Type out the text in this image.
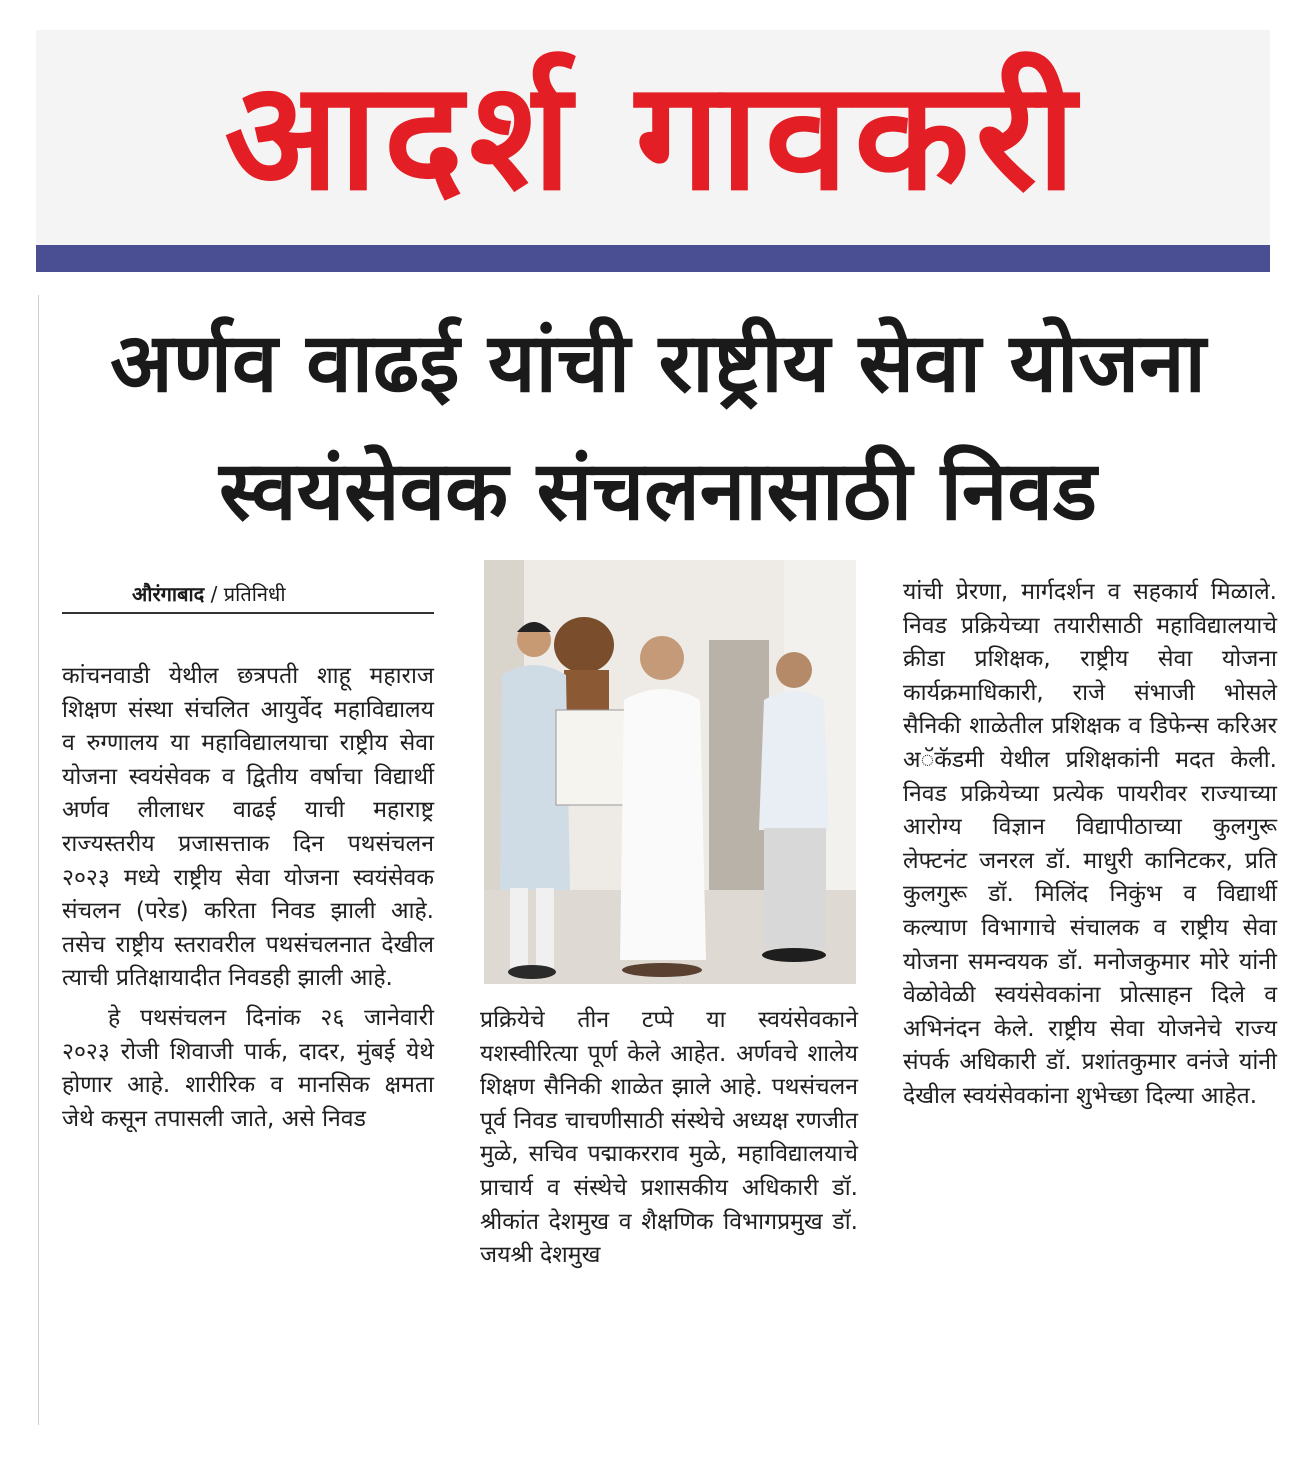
आदर्श गावकरी
अर्णव वाढई यांची राष्ट्रीय सेवा योजना
स्वयंसेवक संचलनासाठी निवड
औरंगाबाद / प्रतिनिधी

कांचनवाडी येथील छत्रपती शाहू महाराज शिक्षण संस्था संचलित आयुर्वेद महाविद्यालय व रुग्णालय या महाविद्यालयाचा राष्ट्रीय सेवा योजना स्वयंसेवक व द्वितीय वर्षाचा विद्यार्थी अर्णव लीलाधर वाढई याची महाराष्ट्र राज्यस्तरीय प्रजासत्ताक दिन पथसंचलन २०२३ मध्ये राष्ट्रीय सेवा योजना स्वयंसेवक संचलन (परेड) करिता निवड झाली आहे. तसेच राष्ट्रीय स्तरावरील पथसंचलनात देखील त्याची प्रतिक्षायादीत निवडही झाली आहे.

हे पथसंचलन दिनांक २६ जानेवारी २०२३ रोजी शिवाजी पार्क, दादर, मुंबई येथे होणार आहे. शारीरिक व मानसिक क्षमता जेथे कसून तपासली जाते, असे निवड

प्रक्रियेचे तीन टप्पे या स्वयंसेवकाने यशस्वीरित्या पूर्ण केले आहेत. अर्णवचे शालेय शिक्षण सैनिकी शाळेत झाले आहे. पथसंचलन पूर्व निवड चाचणीसाठी संस्थेचे अध्यक्ष रणजीत मुळे, सचिव पद्माकरराव मुळे, महाविद्यालयाचे प्राचार्य व संस्थेचे प्रशासकीय अधिकारी डॉ. श्रीकांत देशमुख व शैक्षणिक विभागप्रमुख डॉ. जयश्री देशमुख

यांची प्रेरणा, मार्गदर्शन व सहकार्य मिळाले. निवड प्रक्रियेच्या तयारीसाठी महाविद्यालयाचे क्रीडा प्रशिक्षक, राष्ट्रीय सेवा योजना कार्यक्रमाधिकारी, राजे संभाजी भोसले सैनिकी शाळेतील प्रशिक्षक व डिफेन्स करिअर अॅकॅडमी येथील प्रशिक्षकांनी मदत केली. निवड प्रक्रियेच्या प्रत्येक पायरीवर राज्याच्या आरोग्य विज्ञान विद्यापीठाच्या कुलगुरू लेफ्टनंट जनरल डॉ. माधुरी कानिटकर, प्रति कुलगुरू डॉ. मिलिंद निकुंभ व विद्यार्थी कल्याण विभागाचे संचालक व राष्ट्रीय सेवा योजना समन्वयक डॉ. मनोजकुमार मोरे यांनी वेळोवेळी स्वयंसेवकांना प्रोत्साहन दिले व अभिनंदन केले. राष्ट्रीय सेवा योजनेचे राज्य संपर्क अधिकारी डॉ. प्रशांतकुमार वनंजे यांनी देखील स्वयंसेवकांना शुभेच्छा दिल्या आहेत.
